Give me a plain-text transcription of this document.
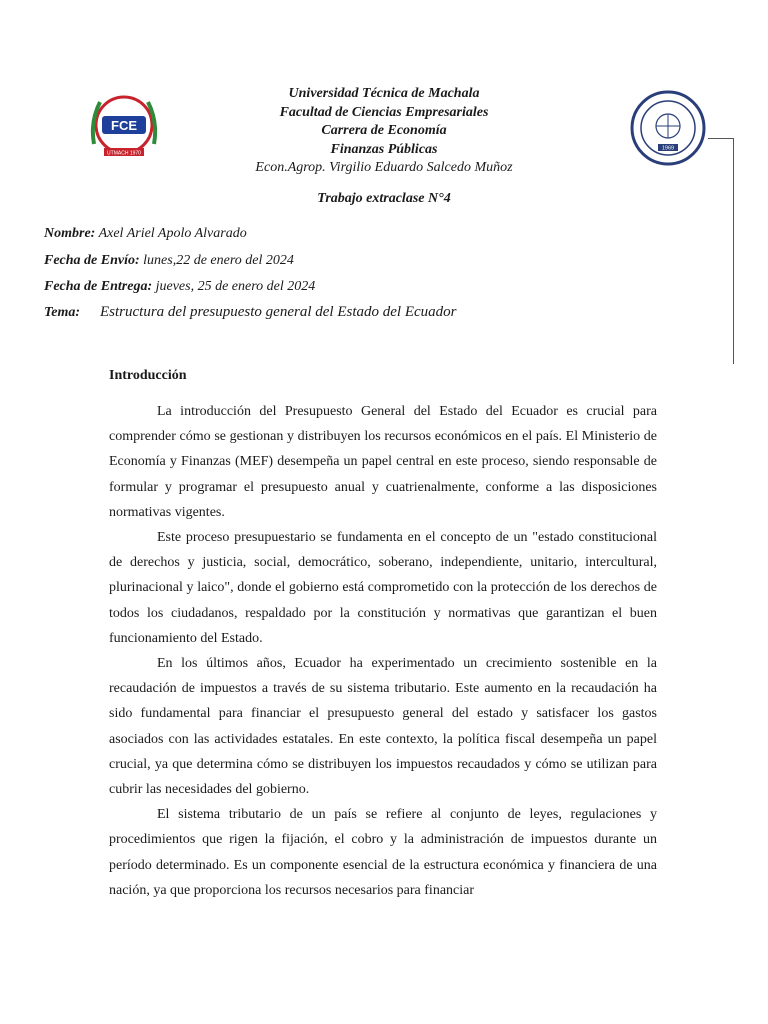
FCE
UTMACH 1970
1969
Universidad Técnica de Machala
Facultad de Ciencias Empresariales
Carrera de Economía
Finanzas Públicas
Econ.Agrop. Virgilio Eduardo Salcedo Muñoz
Trabajo extraclase N°4
Nombre: Axel Ariel Apolo Alvarado
Fecha de Envío: lunes,22 de enero del 2024
Fecha de Entrega: jueves, 25 de enero del 2024
Tema: Estructura del presupuesto general del Estado del Ecuador
Introducción

La introducción del Presupuesto General del Estado del Ecuador es crucial para comprender cómo se gestionan y distribuyen los recursos económicos en el país. El Ministerio de Economía y Finanzas (MEF) desempeña un papel central en este proceso, siendo responsable de formular y programar el presupuesto anual y cuatrienalmente, conforme a las disposiciones normativas vigentes.

Este proceso presupuestario se fundamenta en el concepto de un "estado constitucional de derechos y justicia, social, democrático, soberano, independiente, unitario, intercultural, plurinacional y laico", donde el gobierno está comprometido con la protección de los derechos de todos los ciudadanos, respaldado por la constitución y normativas que garantizan el buen funcionamiento del Estado.

En los últimos años, Ecuador ha experimentado un crecimiento sostenible en la recaudación de impuestos a través de su sistema tributario. Este aumento en la recaudación ha sido fundamental para financiar el presupuesto general del estado y satisfacer los gastos asociados con las actividades estatales. En este contexto, la política fiscal desempeña un papel crucial, ya que determina cómo se distribuyen los impuestos recaudados y cómo se utilizan para cubrir las necesidades del gobierno.

El sistema tributario de un país se refiere al conjunto de leyes, regulaciones y procedimientos que rigen la fijación, el cobro y la administración de impuestos durante un período determinado. Es un componente esencial de la estructura económica y financiera de una nación, ya que proporciona los recursos necesarios para financiar
